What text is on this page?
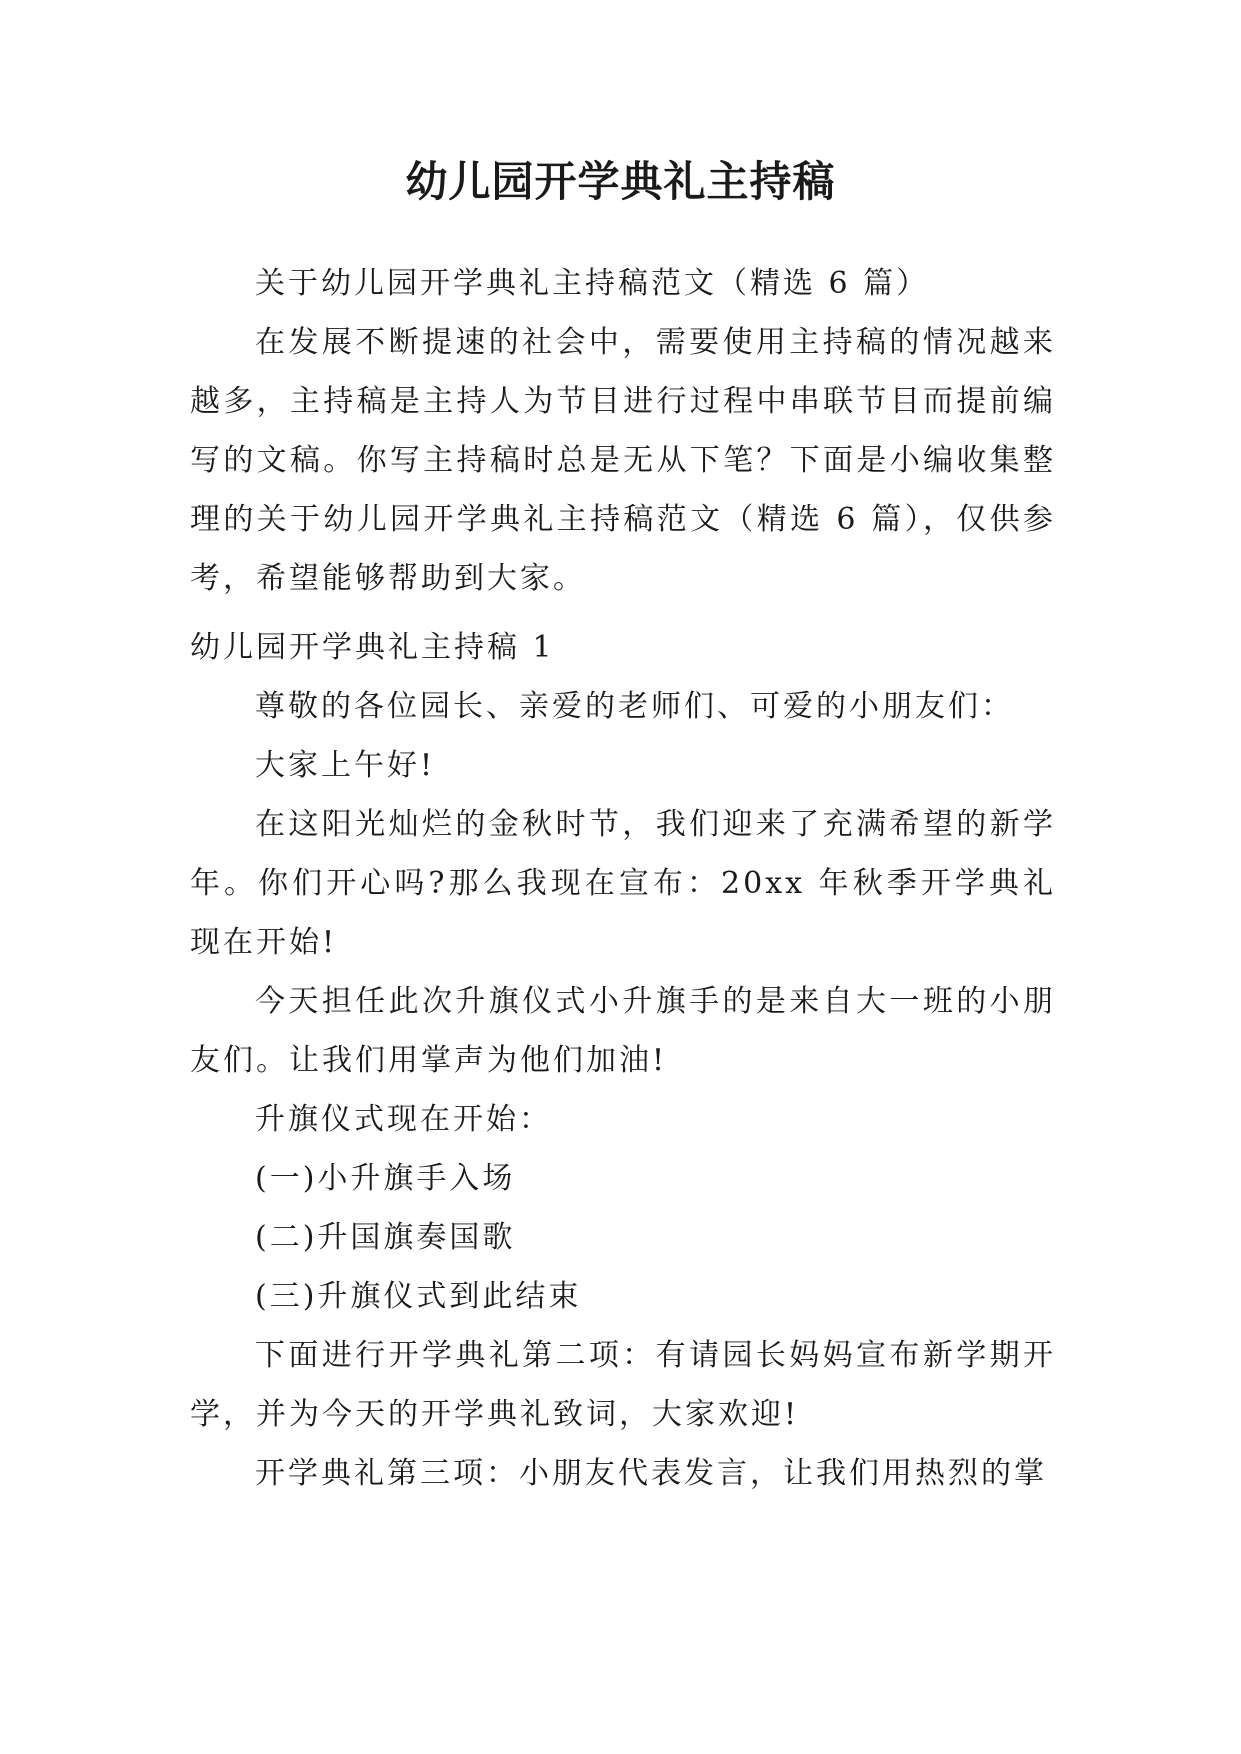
幼儿园开学典礼主持稿

关于幼儿园开学典礼主持稿范文（精选 6 篇）

在发展不断提速的社会中，需要使用主持稿的情况越来越多，主持稿是主持人为节目进行过程中串联节目而提前编写的文稿。你写主持稿时总是无从下笔？下面是小编收集整理的关于幼儿园开学典礼主持稿范文（精选 6 篇），仅供参考，希望能够帮助到大家。

幼儿园开学典礼主持稿 1

尊敬的各位园长、亲爱的老师们、可爱的小朋友们：

大家上午好!

在这阳光灿烂的金秋时节，我们迎来了充满希望的新学年。你们开心吗?那么我现在宣布：20xx 年秋季开学典礼现在开始!

今天担任此次升旗仪式小升旗手的是来自大一班的小朋友们。让我们用掌声为他们加油!

升旗仪式现在开始：

(一)小升旗手入场

(二)升国旗奏国歌

(三)升旗仪式到此结束

下面进行开学典礼第二项：有请园长妈妈宣布新学期开学，并为今天的开学典礼致词，大家欢迎!

开学典礼第三项：小朋友代表发言，让我们用热烈的掌
